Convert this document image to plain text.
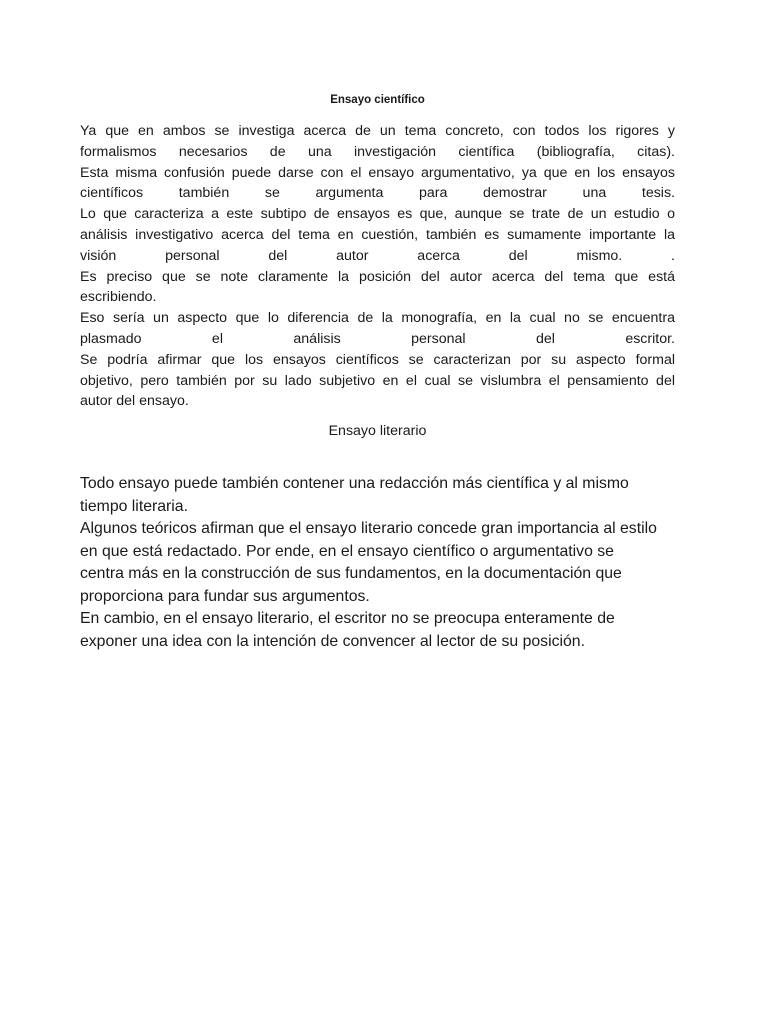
Ensayo científico

Ya que en ambos se investiga acerca de un tema concreto, con todos los rigores y

formalismos necesarios de una investigación científica (bibliografía, citas).

Esta misma confusión puede darse con el ensayo argumentativo, ya que en los ensayos

científicos también se argumenta para demostrar una tesis.

Lo que caracteriza a este subtipo de ensayos es que, aunque se trate de un estudio o

análisis investigativo acerca del tema en cuestión, también es sumamente importante la

visión personal del autor acerca del mismo. .

Es preciso que se note claramente la posición del autor acerca del tema que está

escribiendo.

Eso sería un aspecto que lo diferencia de la monografía, en la cual no se encuentra

plasmado el análisis personal del escritor.

Se podría afirmar que los ensayos científicos se caracterizan por su aspecto formal

objetivo, pero también por su lado subjetivo en el cual se vislumbra el pensamiento del

autor del ensayo.

Ensayo literario

Todo ensayo puede también contener una redacción más científica y al mismo

tiempo literaria.

Algunos teóricos afirman que el ensayo literario concede gran importancia al estilo

en que está redactado. Por ende, en el ensayo científico o argumentativo se

centra más en la construcción de sus fundamentos, en la documentación que

proporciona para fundar sus argumentos.

En cambio, en el ensayo literario, el escritor no se preocupa enteramente de

exponer una idea con la intención de convencer al lector de su posición.
